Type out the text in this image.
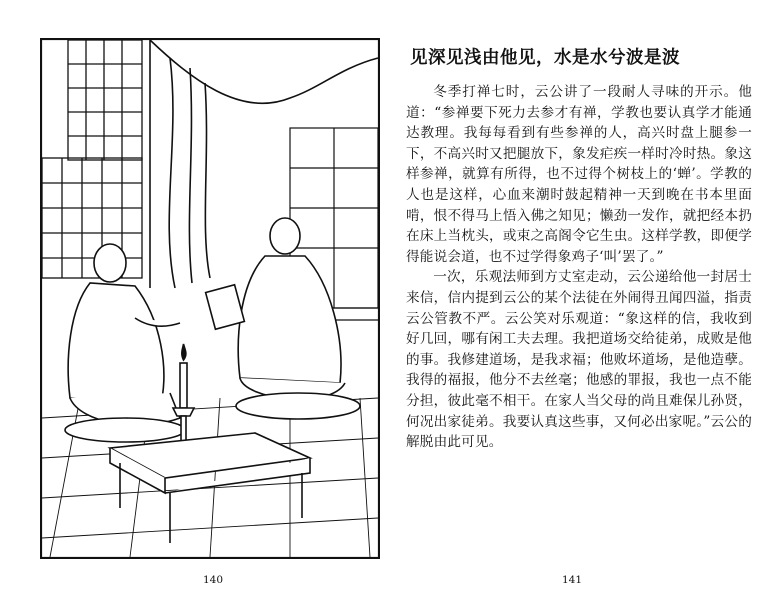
见深见浅由他见，水是水兮波是波

冬季打禅七时，云公讲了一段耐人寻味的开示。他道：“参禅要下死力去参才有禅，学教也要认真学才能通达教理。我每每看到有些参禅的人，高兴时盘上腿参一下，不高兴时又把腿放下，象发疟疾一样时冷时热。象这样参禅，就算有所得，也不过得个树枝上的‘蝉’。学教的人也是这样，心血来潮时鼓起精神一天到晚在书本里面啃，恨不得马上悟入佛之知见；懒劲一发作，就把经本扔在床上当枕头，或束之高阁令它生虫。这样学教，即便学得能说会道，也不过学得象鸡子‘叫’罢了。”

一次，乐观法师到方丈室走动，云公递给他一封居士来信，信内提到云公的某个法徒在外闹得丑闻四溢，指责云公管教不严。云公笑对乐观道：“象这样的信，我收到好几回，哪有闲工夫去理。我把道场交给徒弟，成败是他的事。我修建道场，是我求福；他败坏道场，是他造孽。我得的福报，他分不去丝毫；他感的罪报，我也一点不能分担，彼此毫不相干。在家人当父母的尚且难保儿孙贤，何况出家徒弟。我要认真这些事，又何必出家呢。”云公的解脱由此可见。

140	141
